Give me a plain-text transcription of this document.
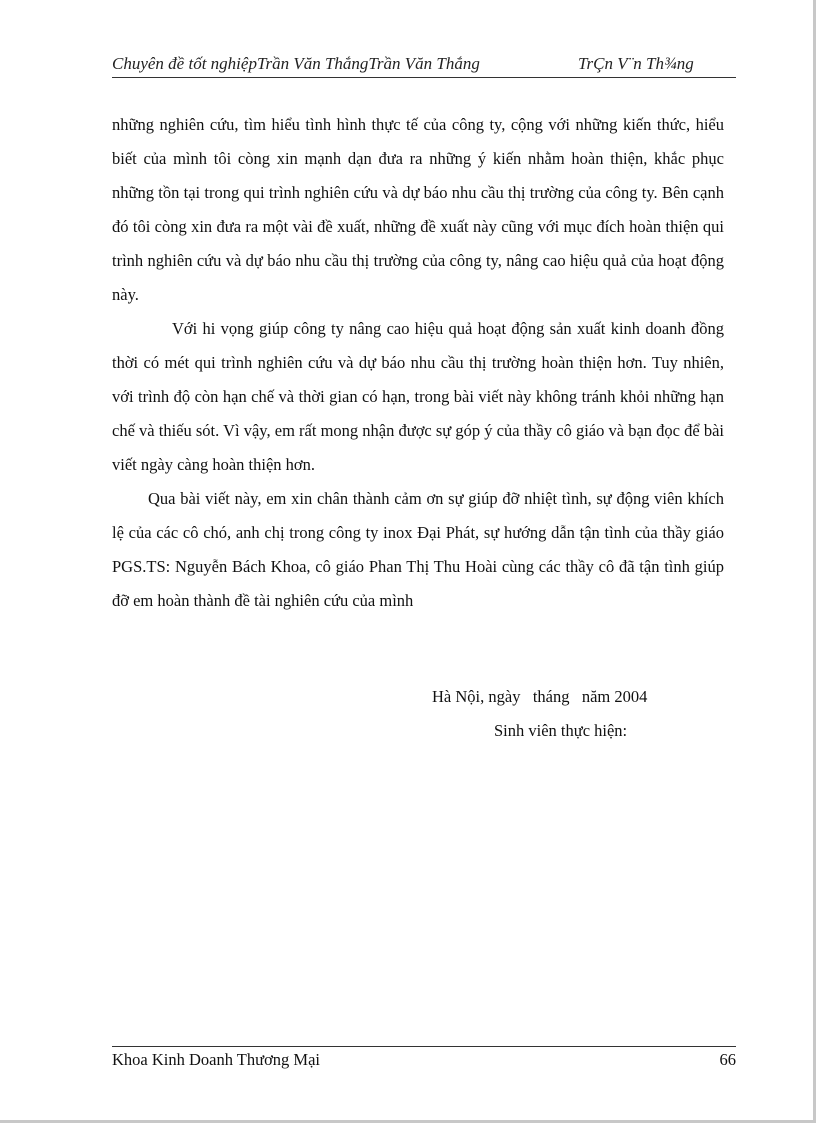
Chuyên đề tốt nghiệpTrần Văn ThắngTrần Văn Thắng	TrÇn V¨n Th¾ng

những nghiên cứu, tìm hiểu tình hình thực tế của công ty, cộng với những kiến thức, hiểu biết của mình tôi còng xin mạnh dạn đưa ra những ý kiến nhằm hoàn thiện, khắc phục những tồn tại trong qui trình nghiên cứu và dự báo nhu cầu thị trường của công ty. Bên cạnh đó tôi còng xin đưa ra một vài đề xuất, những đề xuất này cũng với mục đích hoàn thiện qui trình nghiên cứu và dự báo nhu cầu thị trường của công ty, nâng cao hiệu quả của hoạt động này.

Với hi vọng giúp công ty nâng cao hiệu quả hoạt động sản xuất kinh doanh đồng thời có mét qui trình nghiên cứu và dự báo nhu cầu thị trường hoàn thiện hơn. Tuy nhiên, với trình độ còn hạn chế và thời gian có hạn, trong bài viết này không tránh khỏi những hạn chế và thiếu sót. Vì vậy, em rất mong nhận được sự góp ý của thầy cô giáo và bạn đọc để bài viết ngày càng hoàn thiện hơn.

Qua bài viết này, em xin chân thành cảm ơn sự giúp đỡ nhiệt tình, sự động viên khích lệ của các cô chó, anh chị trong công ty inox Đại Phát, sự hướng dẫn tận tình của thầy giáo PGS.TS: Nguyễn Bách Khoa, cô giáo Phan Thị Thu Hoài cùng các thầy cô đã tận tình giúp đỡ em hoàn thành đề tài nghiên cứu của mình

Hà Nội, ngày   tháng   năm 2004
Sinh viên thực hiện:
Khoa Kinh Doanh Thương Mại	66
